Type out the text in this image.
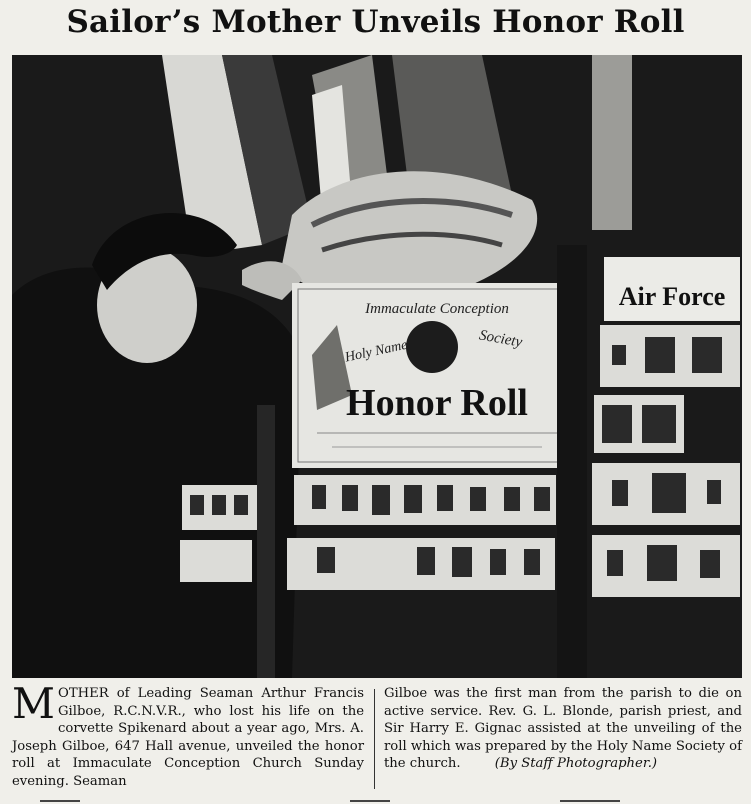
Sailor’s Mother Unveils Honor Roll
Immaculate Conception
Holy Name	Society
Honor Roll
Air Force
MOTHER of Leading Seaman Arthur Francis Gilboe, R.C.N.V.R., who lost his life on the corvette Spikenard about a year ago, Mrs. A. Joseph Gilboe, 647 Hall avenue, unveiled the honor roll at Immaculate Conception Church Sunday evening. Seaman
Gilboe was the first man from the parish to die on active service. Rev. G. L. Blonde, parish priest, and Sir Harry E. Gignac assisted at the unveiling of the roll which was prepared by the Holy Name Society of the church.	(By Staff Photographer.)
